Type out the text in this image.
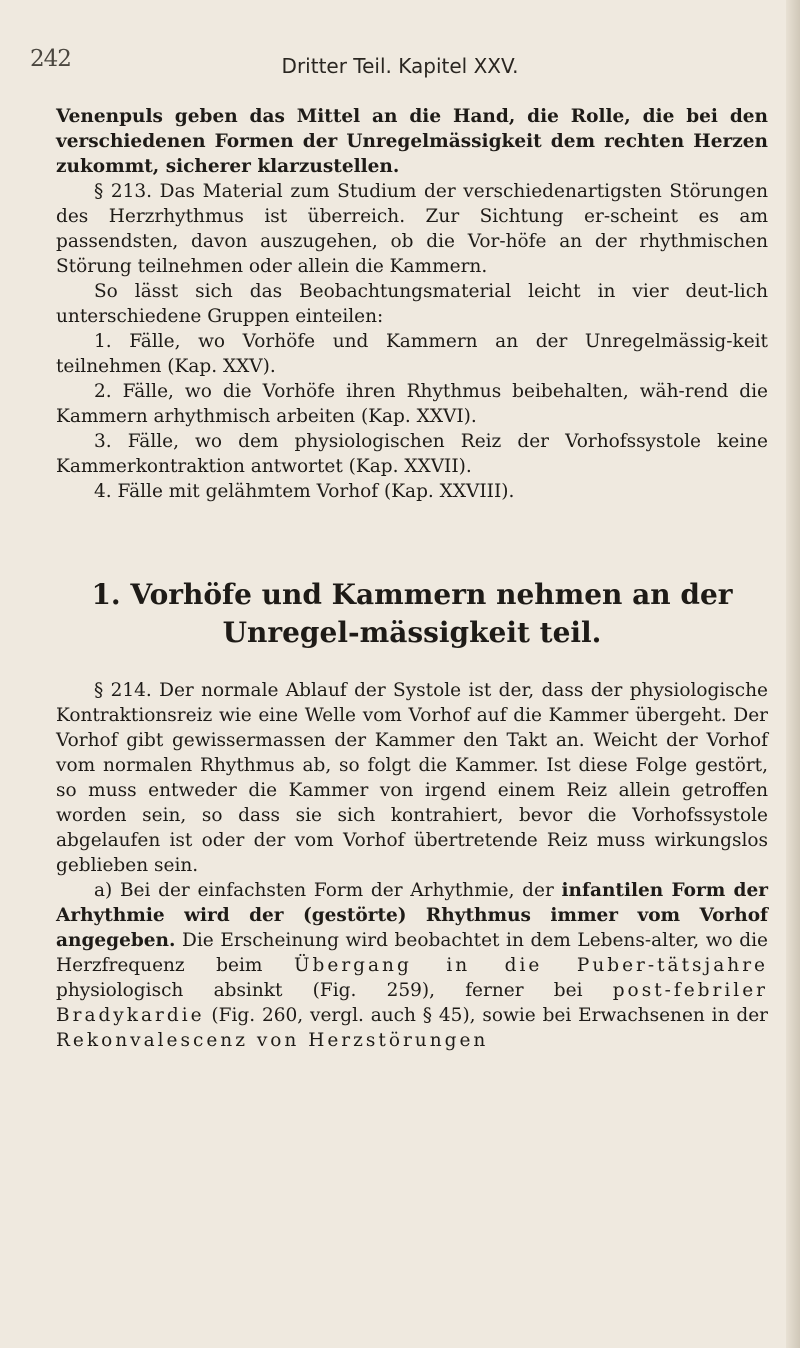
242	Dritter Teil. Kapitel XXV.

Venenpuls geben das Mittel an die Hand, die Rolle, die bei den verschiedenen Formen der Unregelmässigkeit dem rechten Herzen zukommt, sicherer klarzustellen.

§ 213. Das Material zum Studium der verschiedenartigsten Störungen des Herzrhythmus ist überreich. Zur Sichtung er-scheint es am passendsten, davon auszugehen, ob die Vor-höfe an der rhythmischen Störung teilnehmen oder allein die Kammern.

So lässt sich das Beobachtungsmaterial leicht in vier deut-lich unterschiedene Gruppen einteilen:

1. Fälle, wo Vorhöfe und Kammern an der Unregelmässig-keit teilnehmen (Kap. XXV).

2. Fälle, wo die Vorhöfe ihren Rhythmus beibehalten, wäh-rend die Kammern arhythmisch arbeiten (Kap. XXVI).

3. Fälle, wo dem physiologischen Reiz der Vorhofssystole keine Kammerkontraktion antwortet (Kap. XXVII).

4. Fälle mit gelähmtem Vorhof (Kap. XXVIII).

1. Vorhöfe und Kammern nehmen an der Unregel-mässigkeit teil.

§ 214. Der normale Ablauf der Systole ist der, dass der physiologische Kontraktionsreiz wie eine Welle vom Vorhof auf die Kammer übergeht. Der Vorhof gibt gewissermassen der Kammer den Takt an. Weicht der Vorhof vom normalen Rhythmus ab, so folgt die Kammer. Ist diese Folge gestört, so muss entweder die Kammer von irgend einem Reiz allein getroffen worden sein, so dass sie sich kontrahiert, bevor die Vorhofssystole abgelaufen ist oder der vom Vorhof übertretende Reiz muss wirkungslos geblieben sein.

a) Bei der einfachsten Form der Arhythmie, der infantilen Form der Arhythmie wird der (gestörte) Rhythmus immer vom Vorhof angegeben. Die Erscheinung wird beobachtet in dem Lebens-alter, wo die Herzfrequenz beim Übergang in die Puber-tätsjahre physiologisch absinkt (Fig. 259), ferner bei post-febriler Bradykardie (Fig. 260, vergl. auch § 45), sowie bei Erwachsenen in der Rekonvalescenz von Herzstörungen
